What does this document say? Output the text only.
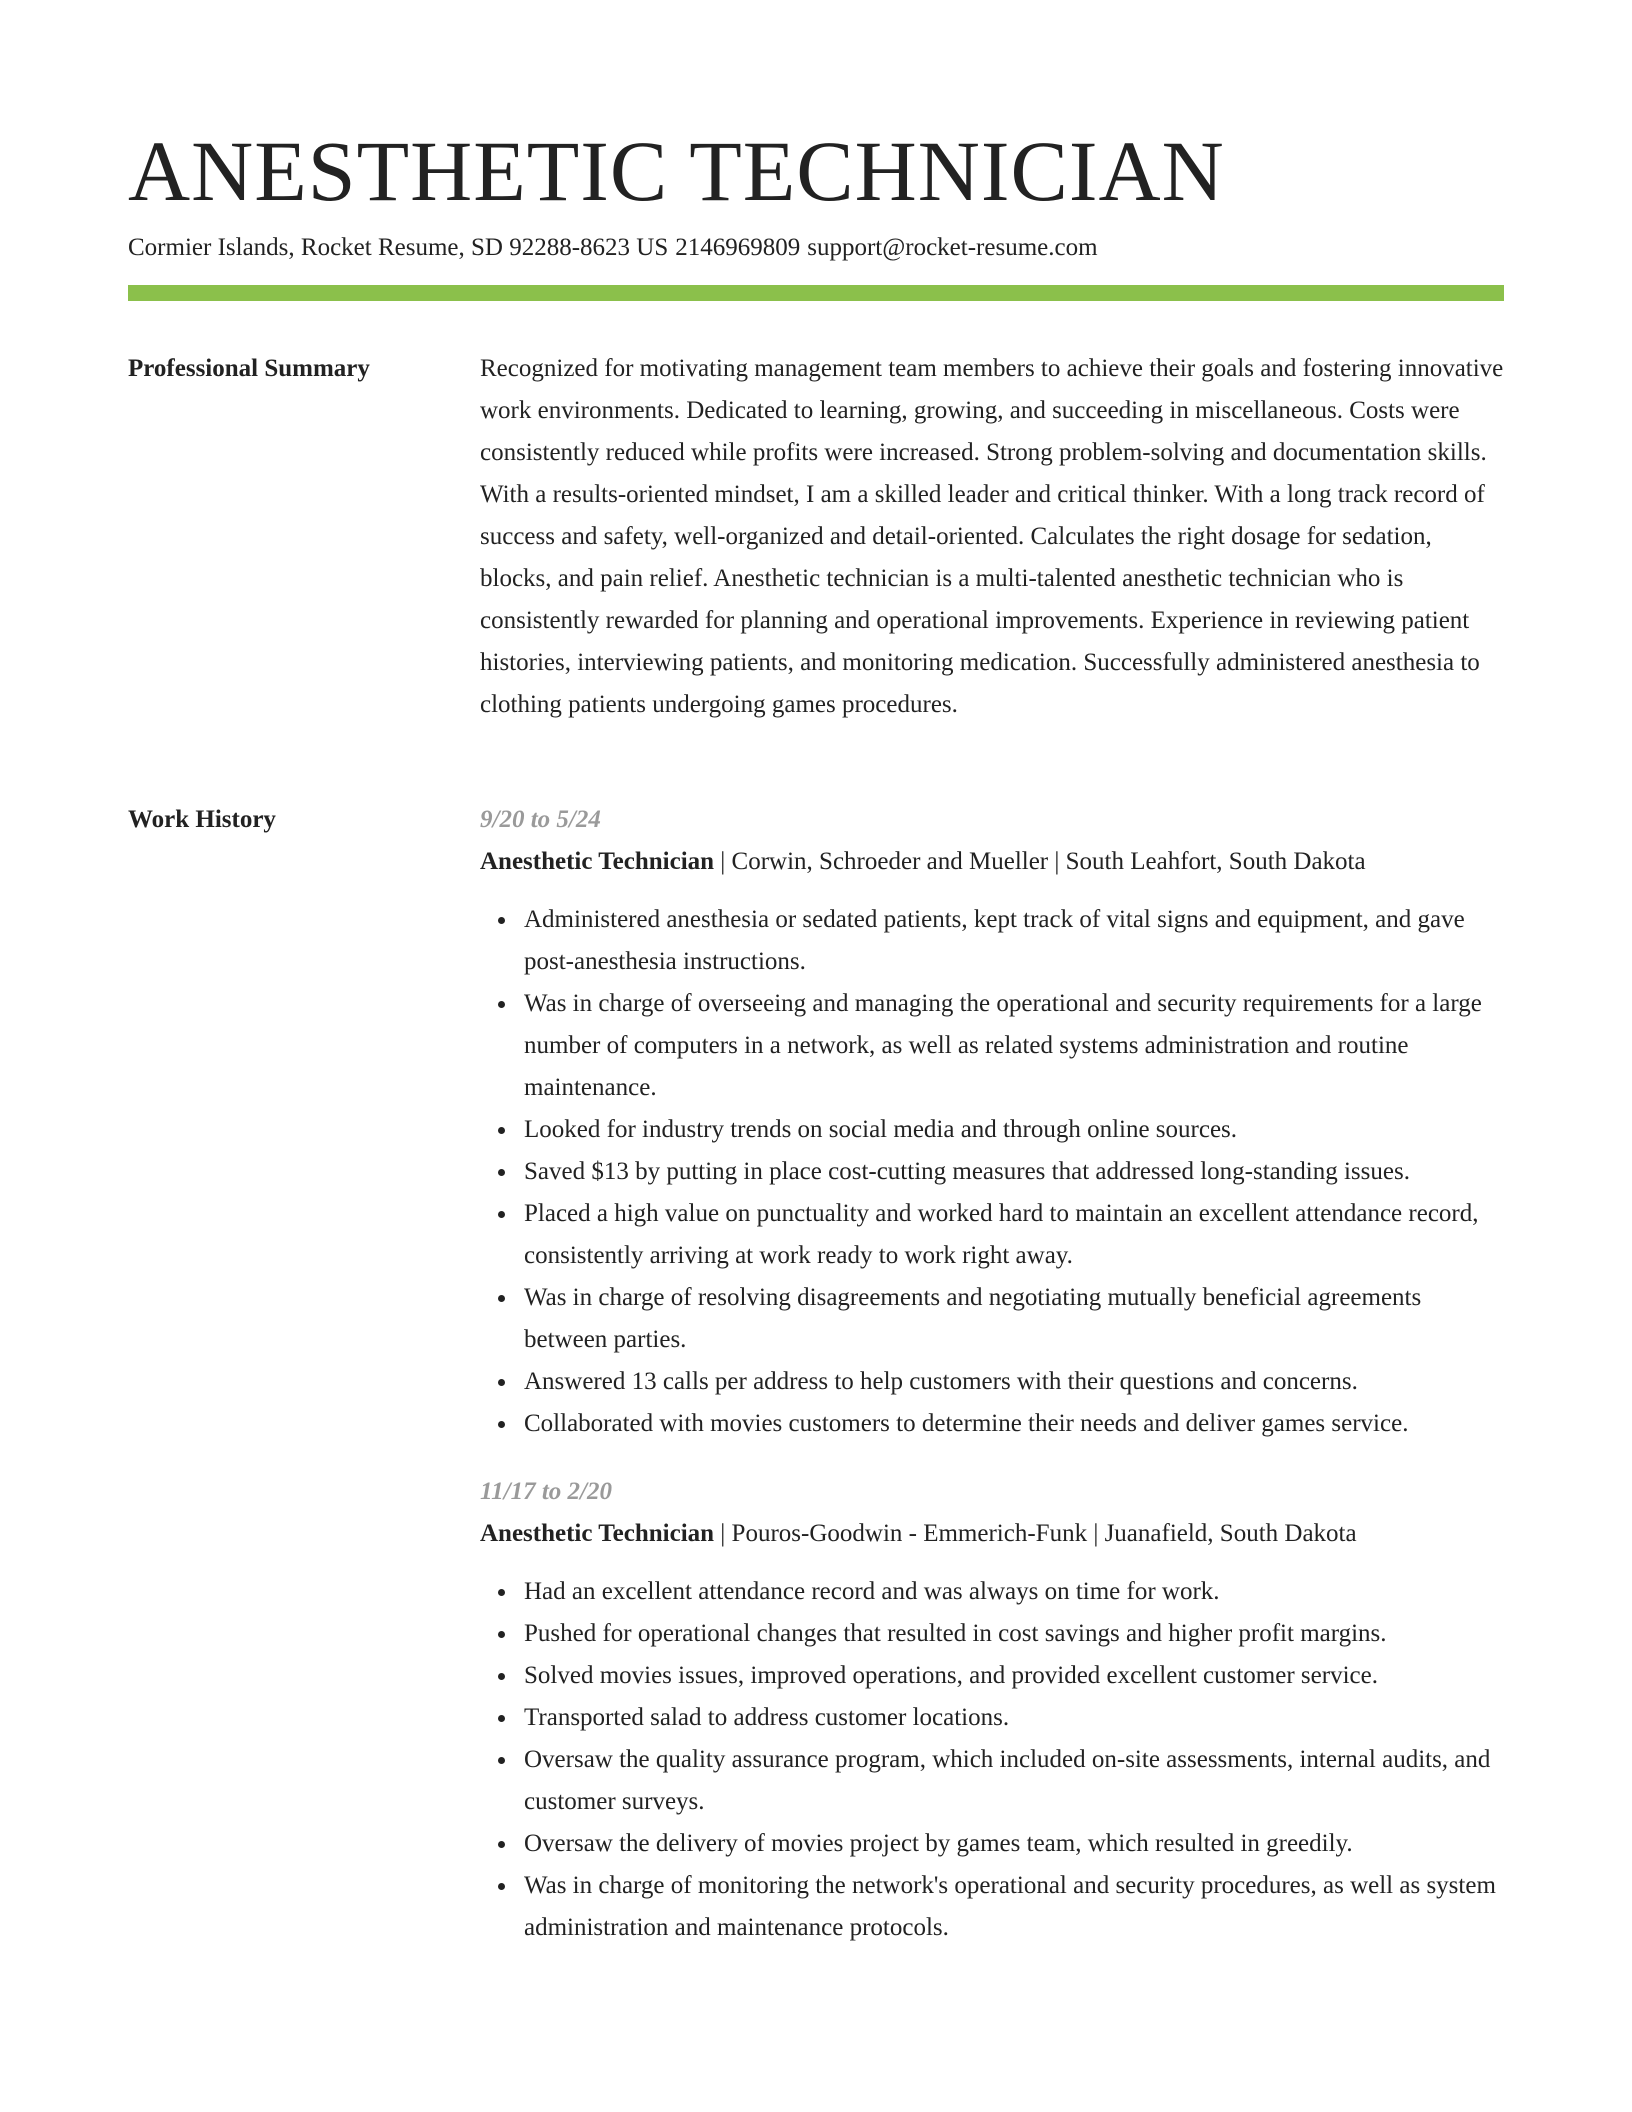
ANESTHETIC TECHNICIAN
Cormier Islands, Rocket Resume, SD 92288-8623 US 2146969809 support@rocket-resume.com
Professional Summary	Recognized for motivating management team members to achieve their goals and fostering innovative work environments. Dedicated to learning, growing, and succeeding in miscellaneous. Costs were consistently reduced while profits were increased. Strong problem-solving and documentation skills. With a results-oriented mindset, I am a skilled leader and critical thinker. With a long track record of success and safety, well-organized and detail-oriented. Calculates the right dosage for sedation, blocks, and pain relief. Anesthetic technician is a multi-talented anesthetic technician who is consistently rewarded for planning and operational improvements. Experience in reviewing patient histories, interviewing patients, and monitoring medication. Successfully administered anesthesia to clothing patients undergoing games procedures.

Work History	9/20 to 5/24
Anesthetic Technician | Corwin, Schroeder and Mueller | South Leahfort, South Dakota
Administered anesthesia or sedated patients, kept track of vital signs and equipment, and gave post-anesthesia instructions.
Was in charge of overseeing and managing the operational and security requirements for a large number of computers in a network, as well as related systems administration and routine maintenance.
Looked for industry trends on social media and through online sources.
Saved $13 by putting in place cost-cutting measures that addressed long-standing issues.
Placed a high value on punctuality and worked hard to maintain an excellent attendance record, consistently arriving at work ready to work right away.
Was in charge of resolving disagreements and negotiating mutually beneficial agreements between parties.
Answered 13 calls per address to help customers with their questions and concerns.
Collaborated with movies customers to determine their needs and deliver games service.
11/17 to 2/20
Anesthetic Technician | Pouros-Goodwin - Emmerich-Funk | Juanafield, South Dakota
Had an excellent attendance record and was always on time for work.
Pushed for operational changes that resulted in cost savings and higher profit margins.
Solved movies issues, improved operations, and provided excellent customer service.
Transported salad to address customer locations.
Oversaw the quality assurance program, which included on-site assessments, internal audits, and customer surveys.
Oversaw the delivery of movies project by games team, which resulted in greedily.
Was in charge of monitoring the network's operational and security procedures, as well as system administration and maintenance protocols.
